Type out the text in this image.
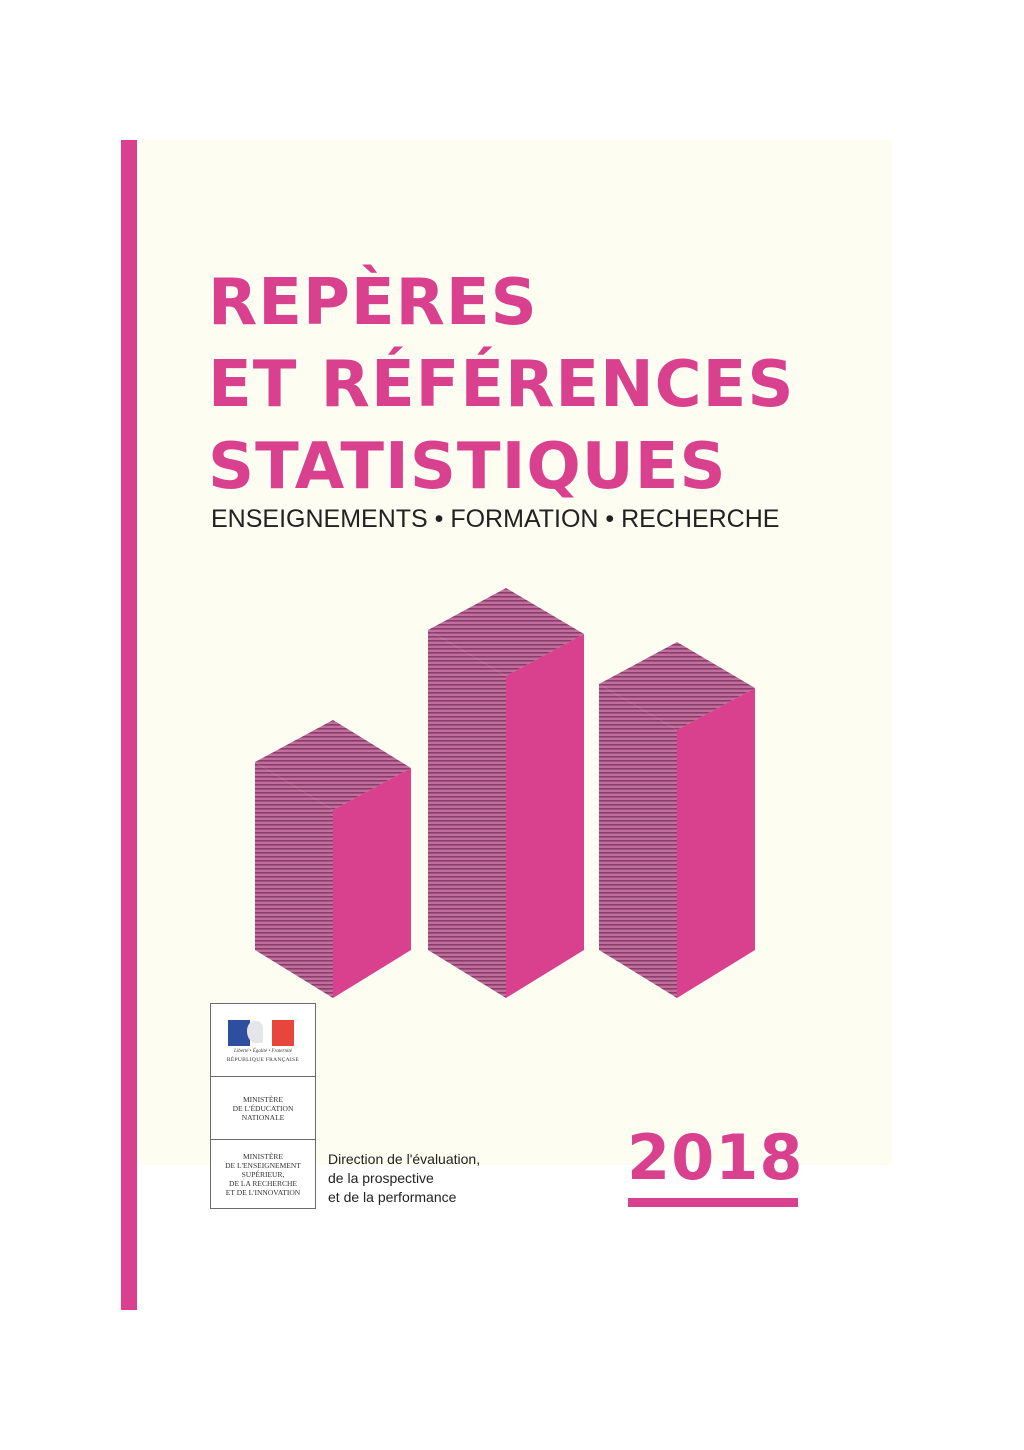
REPÈRES
ET RÉFÉRENCES
STATISTIQUES
ENSEIGNEMENTS • FORMATION • RECHERCHE
Liberté • Égalité • Fraternité
RÉPUBLIQUE FRANÇAISE
MINISTÈRE
DE L'ÉDUCATION
NATIONALE
MINISTÈRE
DE L'ENSEIGNEMENT
SUPÉRIEUR,
DE LA RECHERCHE
ET DE L'INNOVATION
Direction de l'évaluation,
de la prospective
et de la performance
2018
